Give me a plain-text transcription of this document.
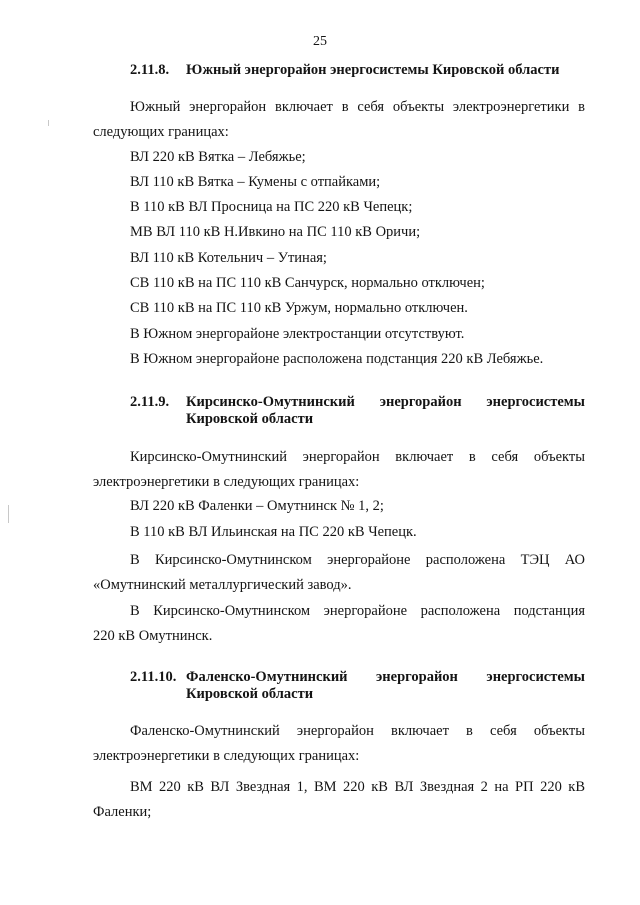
25
2.11.8. Южный энергорайон энергосистемы Кировской области
Южный энергорайон включает в себя объекты электроэнергетики в
следующих границах:
ВЛ 220 кВ Вятка – Лебяжье;
ВЛ 110 кВ Вятка – Кумены с отпайками;
В 110 кВ ВЛ Просница на ПС 220 кВ Чепецк;
МВ ВЛ 110 кВ Н.Ивкино на ПС 110 кВ Оричи;
ВЛ 110 кВ Котельнич – Утиная;
СВ 110 кВ на ПС 110 кВ Санчурск, нормально отключен;
СВ 110 кВ на ПС 110 кВ Уржум, нормально отключен.
В Южном энергорайоне электростанции отсутствуют.
В Южном энергорайоне расположена подстанция 220 кВ Лебяжье.
2.11.9.	Кирсинско-Омутнинский энергорайон энергосистемы
Кировской области
Кирсинско-Омутнинский энергорайон включает в себя объекты
электроэнергетики в следующих границах:
ВЛ 220 кВ Фаленки – Омутнинск № 1, 2;
В 110 кВ ВЛ Ильинская на ПС 220 кВ Чепецк.
В Кирсинско-Омутнинском энергорайоне расположена ТЭЦ АО
«Омутнинский металлургический завод».
В Кирсинско-Омутнинском энергорайоне расположена подстанция
220 кВ Омутнинск.
2.11.10. Фаленско-Омутнинский энергорайон энергосистемы
Кировской области
Фаленско-Омутнинский энергорайон включает в себя объекты
электроэнергетики в следующих границах:
ВМ 220 кВ ВЛ Звездная 1, ВМ 220 кВ ВЛ Звездная 2 на РП 220 кВ
Фаленки;
